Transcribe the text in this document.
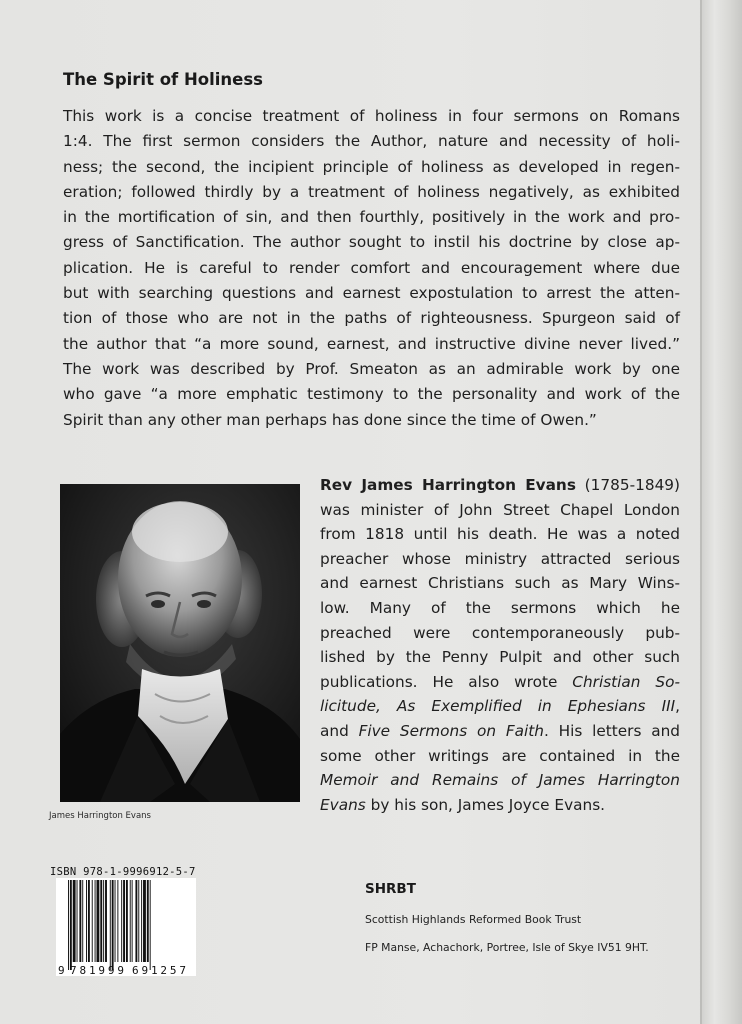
The Spirit of Holiness
This work is a concise treatment of holiness in four sermons on Romans
1:4. The first sermon considers the Author, nature and necessity of holi-
ness; the second, the incipient principle of holiness as developed in regen-
eration; followed thirdly by a treatment of holiness negatively, as exhibited
in the mortification of sin, and then fourthly, positively in the work and pro-
gress of Sanctification. The author sought to instil his doctrine by close ap-
plication. He is careful to render comfort and encouragement where due
but with searching questions and earnest expostulation to arrest the atten-
tion of those who are not in the paths of righteousness. Spurgeon said of
the author that “a more sound, earnest, and instructive divine never lived.”
The work was described by Prof. Smeaton as an admirable work by one
who gave “a more emphatic testimony to the personality and work of the
Spirit than any other man perhaps has done since the time of Owen.”
James Harrington Evans
Rev James Harrington Evans (1785-1849)
was minister of John Street Chapel London
from 1818 until his death. He was a noted
preacher whose ministry attracted serious
and earnest Christians such as Mary Wins-
low. Many of the sermons which he
preached were contemporaneously pub-
lished by the Penny Pulpit and other such
publications. He also wrote Christian So-
licitude, As Exemplified in Ephesians III,
and Five Sermons on Faith. His letters and
some other writings are contained in the
Memoir and Remains of James Harrington
Evans by his son, James Joyce Evans.
ISBN 978-1-9996912-5-7
9 781999 691257
SHRBT
Scottish Highlands Reformed Book Trust
FP Manse, Achachork, Portree, Isle of Skye IV51 9HT.
